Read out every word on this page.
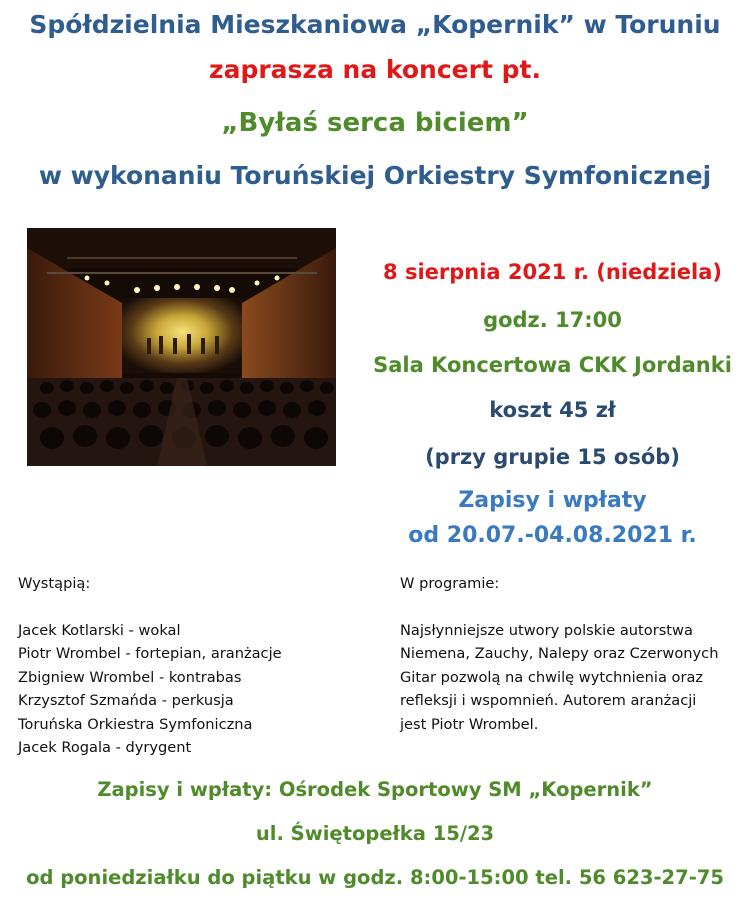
Spółdzielnia Mieszkaniowa „Kopernik” w Toruniu
zaprasza na koncert pt.
„Byłaś serca biciem”
w wykonaniu Toruńskiej Orkiestry Symfonicznej
8 sierpnia 2021 r. (niedziela)
godz. 17:00
Sala Koncertowa CKK Jordanki
koszt 45 zł
(przy grupie 15 osób)
Zapisy i wpłaty
od 20.07.-04.08.2021 r.
Wystąpią:
Jacek Kotlarski - wokal
Piotr Wrombel - fortepian, aranżacje
Zbigniew Wrombel - kontrabas
Krzysztof Szmańda - perkusja
Toruńska Orkiestra Symfoniczna
Jacek Rogala - dyrygent
W programie:
Najsłynniejsze utwory polskie autorstwa
Niemena, Zauchy, Nalepy oraz Czerwonych
Gitar pozwolą na chwilę wytchnienia oraz
refleksji i wspomnień. Autorem aranżacji
jest Piotr Wrombel.
Zapisy i wpłaty: Ośrodek Sportowy SM „Kopernik”
ul. Świętopełka 15/23
od poniedziałku do piątku w godz. 8:00-15:00 tel. 56 623-27-75
